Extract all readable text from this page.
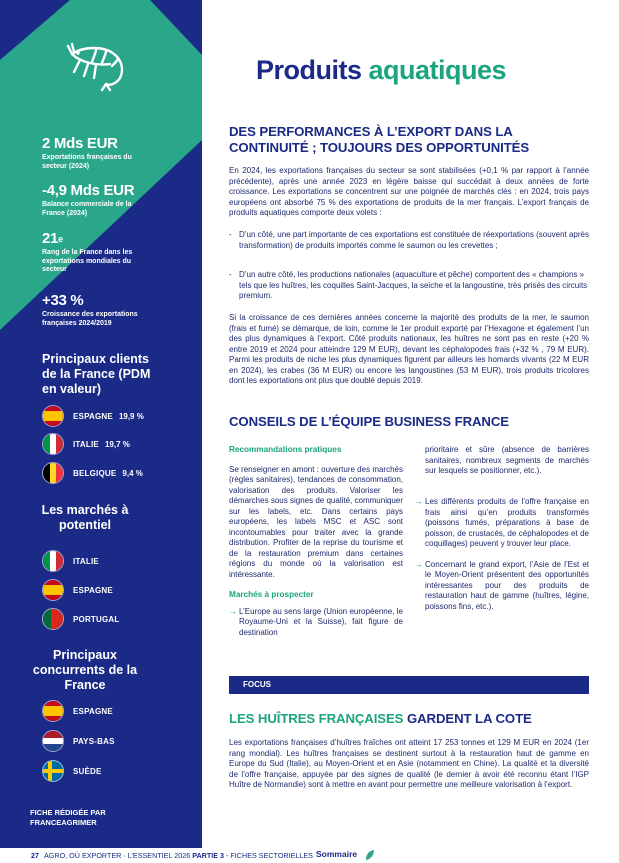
2 Mds EUR
Exportations françaises du secteur (2024)
-4,9 Mds EUR
Balance commerciale de la France (2024)
21e
Rang de la France dans les exportations mondiales du secteur
+33 %
Croissance des exportations françaises 2024/2019
Principaux clients de la France (PDM en valeur)
ESPAGNE 19,9 %
ITALIE 19,7 %
BELGIQUE 9,4 %
Les marchés à potentiel
ITALIE
ESPAGNE
PORTUGAL
Principaux concurrents de la France
ESPAGNE
PAYS-BAS
SUÈDE
FICHE RÉDIGÉE PAR
FRANCEAGRIMER
Produits aquatiques
DES PERFORMANCES À L’EXPORT DANS LA CONTINUITÉ ; TOUJOURS DES OPPORTUNITÉS
En 2024, les exportations françaises du secteur se sont stabilisées (+0,1 % par rapport à l’année précédente), après une année 2023 en légère baisse qui succédait à deux années de forte croissance. Les exportations se concentrent sur une poignée de marchés clés : en 2024, trois pays européens ont absorbé 75 % des exportations de produits de la mer français. L’export français de produits aquatiques comporte deux volets :
- D’un côté, une part importante de ces exportations est constituée de réexportations (souvent après transformation) de produits importés comme le saumon ou les crevettes ;
- D’un autre côté, les productions nationales (aquaculture et pêche) comportent des « champions » tels que les huîtres, les coquilles Saint-Jacques, la seiche et la langoustine, très prisés des circuits premium.
Si la croissance de ces dernières années concerne la majorité des produits de la mer, le saumon (frais et fumé) se démarque, de loin, comme le 1er produit exporté par l’Hexagone et également l’un des plus dynamiques à l’export. Côté produits nationaux, les huîtres ne sont pas en reste (+20 % entre 2019 et 2024 pour atteindre 129 M EUR), devant les céphalopodes frais (+32 % , 79 M EUR). Parmi les produits de niche les plus dynamiques figurent par ailleurs les homards vivants (22 M EUR en 2024), les crabes (36 M EUR) ou encore les langoustines (53 M EUR), trois produits tricolores dont les exportations ont plus que doublé depuis 2019.
CONSEILS DE L’ÉQUIPE BUSINESS FRANCE
Recommandations pratiques
Se renseigner en amont : ouverture des marchés (règles sanitaires), tendances de consommation, valorisation des produits. Valoriser les démarches sous signes de qualité, communiquer sur les labels, etc. Dans certains pays européens, les labels MSC et ASC sont incontournables pour traiter avec la grande distribution. Profiter de la reprise du tourisme et de la restauration premium dans certaines régions du monde où la valorisation est intéressante.
Marchés à prospecter
→ L’Europe au sens large (Union européenne, le Royaume-Uni et la Suisse), fait figure de destination
prioritaire et sûre (absence de barrières sanitaires, nombreux segments de marchés sur lesquels se positionner, etc.).
→ Les différents produits de l’offre française en frais ainsi qu’en produits transformés (poissons fumés, préparations à base de poisson, de crustacés, de céphalopodes et de coquillages) peuvent y trouver leur place.
→ Concernant le grand export, l’Asie de l’Est et le Moyen-Orient présentent des opportunités intéressantes pour des produits de restauration haut de gamme (huîtres, légine, poissons fins, etc.).
FOCUS
LES HUÎTRES FRANÇAISES GARDENT LA COTE
Les exportations françaises d’huîtres fraîches ont atteint 17 253 tonnes et 129 M EUR en 2024 (1er rang mondial). Les huîtres françaises se destinent surtout à la restauration haut de gamme en Europe du Sud (Italie), au Moyen-Orient et en Asie (notamment en Chine). La qualité et la diversité de l’offre française, appuyée par des signes de qualité (le dernier à avoir été reconnu étant l’IGP Huître de Normandie) sont à mettre en avant pour permettre une meilleure valorisation à l’export.
27 AGRO, OÙ EXPORTER · L’ESSENTIEL 2026 PARTIE 3 - FICHES SECTORIELLES Sommaire
